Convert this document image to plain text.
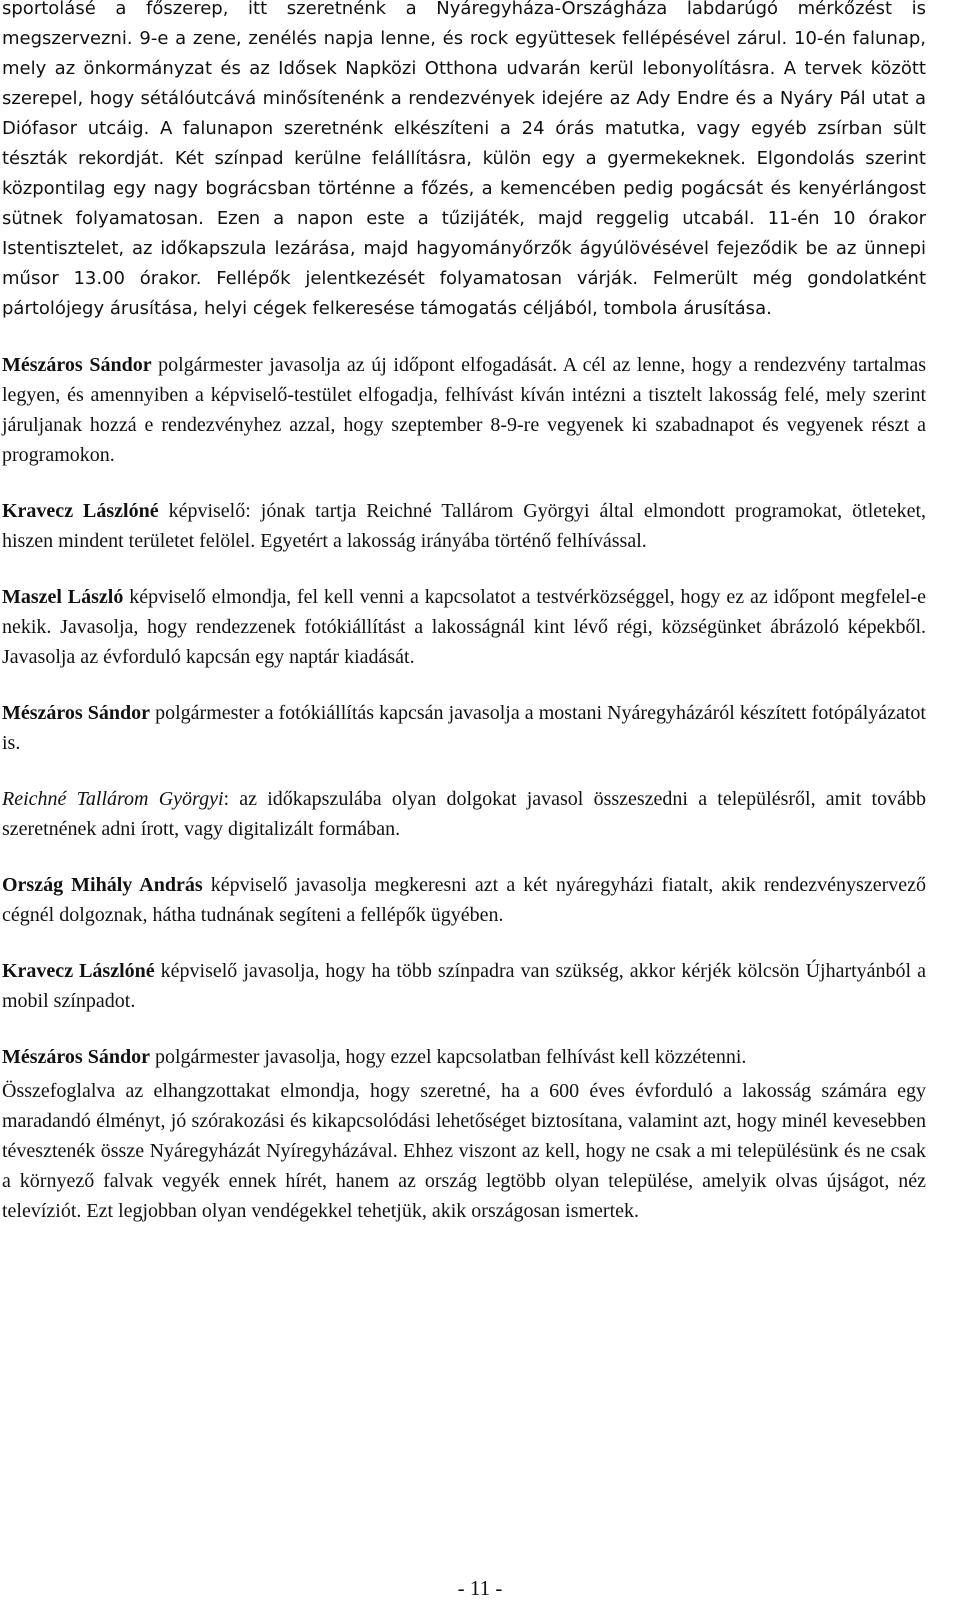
sportolásé a főszerep, itt szeretnénk a Nyáregyháza-Országháza labdarúgó mérkőzést is megszervezni. 9-e a zene, zenélés napja lenne, és rock együttesek fellépésével zárul. 10-én falunap, mely az önkormányzat és az Idősek Napközi Otthona udvarán kerül lebonyolításra. A tervek között szerepel, hogy sétálóutcává minősítenénk a rendezvények idejére az Ady Endre és a Nyáry Pál utat a Diófasor utcáig. A falunapon szeretnénk elkészíteni a 24 órás matutka, vagy egyéb zsírban sült tészták rekordját. Két színpad kerülne felállításra, külön egy a gyermekeknek. Elgondolás szerint központilag egy nagy bográcsban történne a főzés, a kemencében pedig pogácsát és kenyérlángost sütnek folyamatosan. Ezen a napon este a tűzijáték, majd reggelig utcabál. 11-én 10 órakor Istentisztelet, az időkapszula lezárása, majd hagyományőrzők ágyúlövésével fejeződik be az ünnepi műsor 13.00 órakor. Fellépők jelentkezését folyamatosan várják. Felmerült még gondolatként pártolójegy árusítása, helyi cégek felkeresése támogatás céljából, tombola árusítása.

Mészáros Sándor polgármester javasolja az új időpont elfogadását. A cél az lenne, hogy a rendezvény tartalmas legyen, és amennyiben a képviselő-testület elfogadja, felhívást kíván intézni a tisztelt lakosság felé, mely szerint járuljanak hozzá e rendezvényhez azzal, hogy szeptember 8-9-re vegyenek ki szabadnapot és vegyenek részt a programokon.

Kravecz Lászlóné képviselő: jónak tartja Reichné Tallárom Györgyi által elmondott programokat, ötleteket, hiszen mindent területet felölel. Egyetért a lakosság irányába történő felhívással.

Maszel László képviselő elmondja, fel kell venni a kapcsolatot a testvérközséggel, hogy ez az időpont megfelel-e nekik. Javasolja, hogy rendezzenek fotókiállítást a lakosságnál kint lévő régi, községünket ábrázoló képekből. Javasolja az évforduló kapcsán egy naptár kiadását.

Mészáros Sándor polgármester a fotókiállítás kapcsán javasolja a mostani Nyáregyházáról készített fotópályázatot is.

Reichné Tallárom Györgyi: az időkapszulába olyan dolgokat javasol összeszedni a településről, amit tovább szeretnének adni írott, vagy digitalizált formában.

Ország Mihály András képviselő javasolja megkeresni azt a két nyáregyházi fiatalt, akik rendezvényszervező cégnél dolgoznak, hátha tudnának segíteni a fellépők ügyében.

Kravecz Lászlóné képviselő javasolja, hogy ha több színpadra van szükség, akkor kérjék kölcsön Újhartyánból a mobil színpadot.

Mészáros Sándor polgármester javasolja, hogy ezzel kapcsolatban felhívást kell közzétenni.

Összefoglalva az elhangzottakat elmondja, hogy szeretné, ha a 600 éves évforduló a lakosság számára egy maradandó élményt, jó szórakozási és kikapcsolódási lehetőséget biztosítana, valamint azt, hogy minél kevesebben tévesztenék össze Nyáregyházát Nyíregyházával. Ehhez viszont az kell, hogy ne csak a mi településünk és ne csak a környező falvak vegyék ennek hírét, hanem az ország legtöbb olyan települése, amelyik olvas újságot, néz televíziót. Ezt legjobban olyan vendégekkel tehetjük, akik országosan ismertek.

- 11 -
